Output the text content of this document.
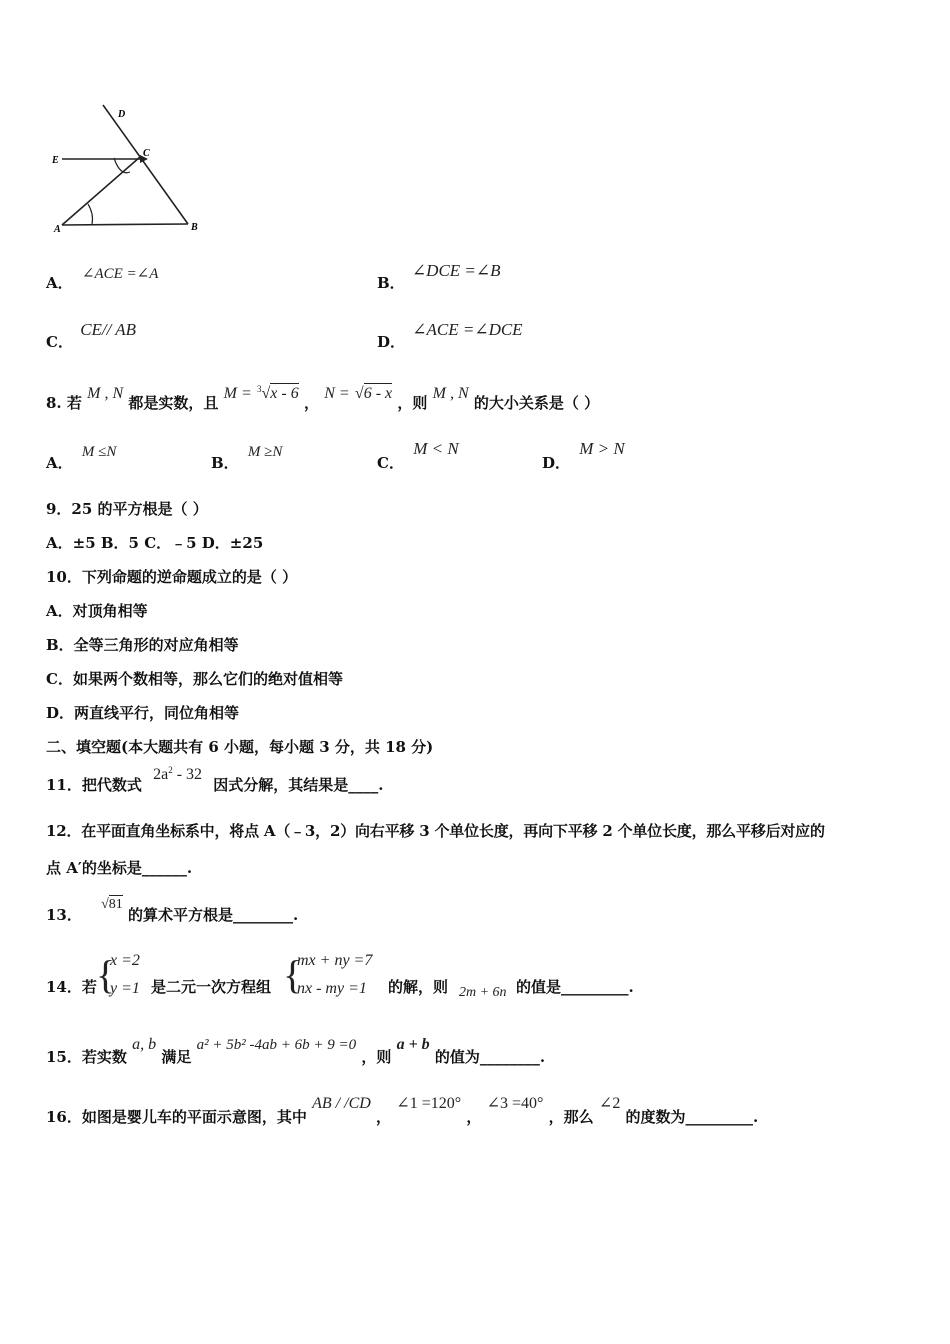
D
C
E
A	B
A． ∠ACE =∠A	B． ∠DCE =∠B
C． CE// AB
D． ∠ACE =∠DCE
8. 若 M , N 都是实数，且 M = $^3$√x - 6 ， N = √6 - x ，则 M , N 的大小关系是（ ）
A． M ≤N
B． M ≥N
C． M < N
D． M > N
9．25 的平方根是（ ）
A．±5 B．5 C．﹣5 D．±25
10．下列命题的逆命题成立的是（ ）
A．对顶角相等
B．全等三角形的对应角相等
C．如果两个数相等，那么它们的绝对值相等
D．两直线平行，同位角相等
二、填空题(本大题共有 6 小题，每小题 3 分，共 18 分)
11．把代数式 $2a^2 - 32$ 因式分解，其结果是____.
12．在平面直角坐标系中，将点 A（﹣3，2）向右平移 3 个单位长度，再向下平移 2 个单位长度，那么平移后对应的
点 A′的坐标是______.
13． √81 的算术平方根是________.
14．若 {
x =2
y =1 是二元一次方程组 {
mx + ny =7
nx - my =1 的解，则 2m + 6n 的值是_________.
15．若实数 a, b 满足 a² + 5b² -4ab + 6b + 9 =0 ，则 a + b 的值为________.
16．如图是婴儿车的平面示意图，其中 AB / /CD ， ∠1 =120° ， ∠3 =40° ，那么 ∠2 的度数为_________.
